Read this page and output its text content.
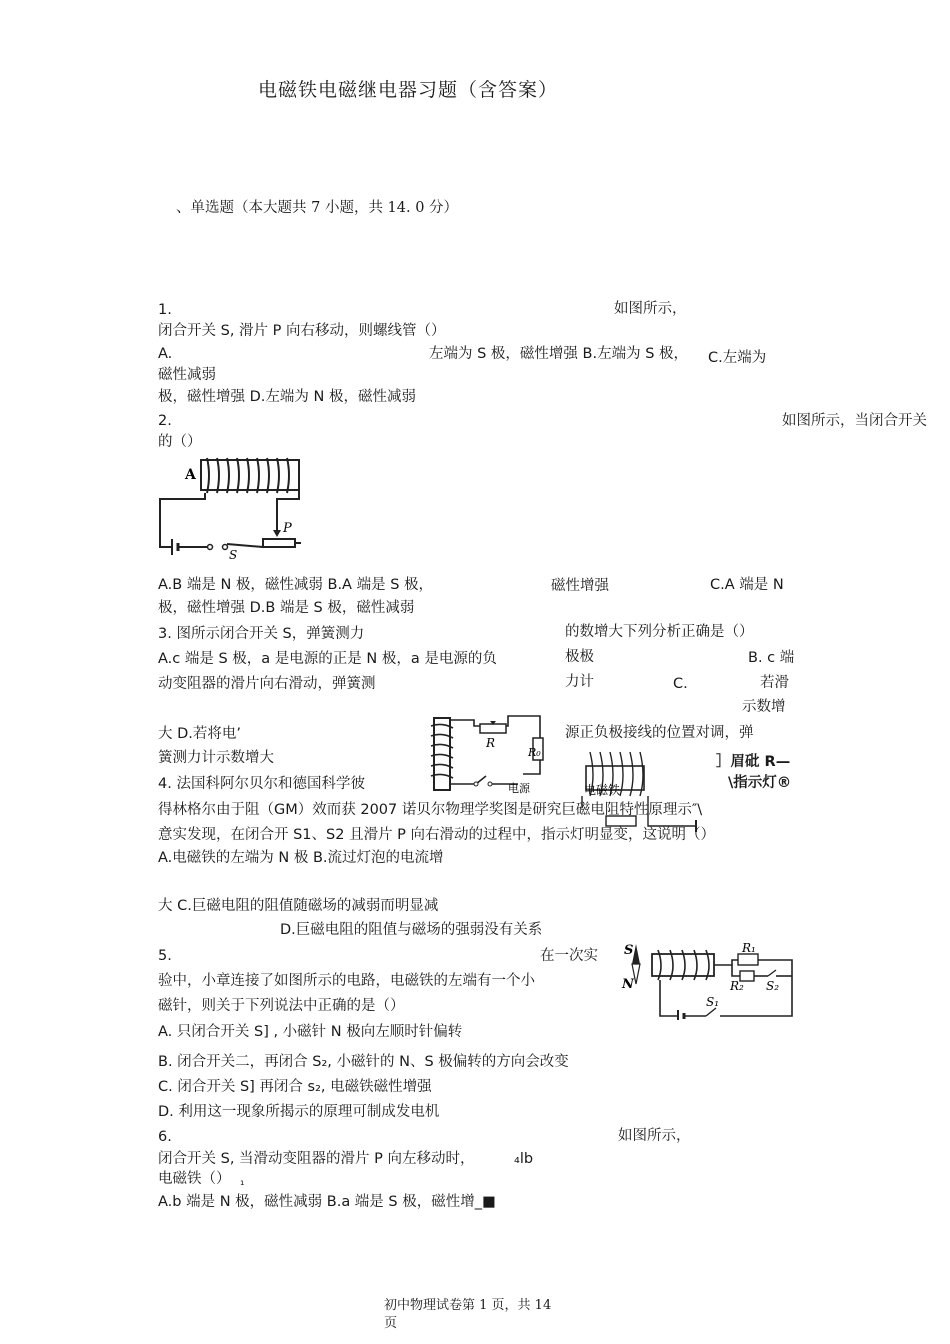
电磁铁电磁继电器习题（含答案）
、单选题（本大题共 7 小题，共 14. 0 分）
1.	如图所示，
闭合开关 S, 滑片 P 向右移动，则螺线管（）
A.	左端为 S 极，磁性增强 B.左端为 S 极， C.左端为
磁性减弱
极，磁性增强 D.左端为 N 极，磁性减弱
2.	如图所示，当闭合开关
的（）
A
P
S
A.B 端是 N 极，磁性减弱 B.A 端是 S 极，	磁性增强	C.A 端是 N
极，磁性增强 D.B 端是 S 极，磁性减弱
3. 图所示闭合开关 S，弹簧测力	的数增大下列分析正确是（）
A.c 端是 S 极，a 是电源的正是 N 极，a 是电源的负	极极	B. c 端
动变阻器的滑片向右滑动，弹簧测	力计	C.	若滑
示数增
大 D.若将电’	源正负极接线的位置对调，弹
簧测力计示数增大
R
R₀
电源
4. 法国科阿尔贝尔和德国科学彼
］眉砒 R—
\指示灯®
电磁铁
得林格尔由于阻（GM）效而获 2007 诺贝尔物理学奖图是研究巨磁电阻特性原理示″\
意实发现，在闭合开 S1、S2 且滑片 P 向右滑动的过程中，指示灯明显变，这说明（）
A.电磁铁的左端为 N 极 B.流过灯泡的电流增
大 C.巨磁电阻的阻值随磁场的减弱而明显减
D.巨磁电阻的阻值与磁场的强弱没有关系
5.	在一次实
验中，小章连接了如图所示的电路，电磁铁的左端有一个小
磁针，则关于下列说法中正确的是（）
S
N
R₁
R₂ S₂
S₁
A. 只闭合开关 S] , 小磁针 N 极向左顺时针偏转
B. 闭合开关二，再闭合 S₂, 小磁针的 N、S 极偏转的方向会改变
C. 闭合开关 S] 再闭合 s₂, 电磁铁磁性增强
D. 利用这一现象所揭示的原理可制成发电机
6.	如图所示，
闭合开关 S, 当滑动变阻器的滑片 P 向左移动时，	₄lb
电磁铁（） ₁
A.b 端是 N 极，磁性减弱 B.a 端是 S 极，磁性增_■
初中物理试卷第 1 页，共 14
页
